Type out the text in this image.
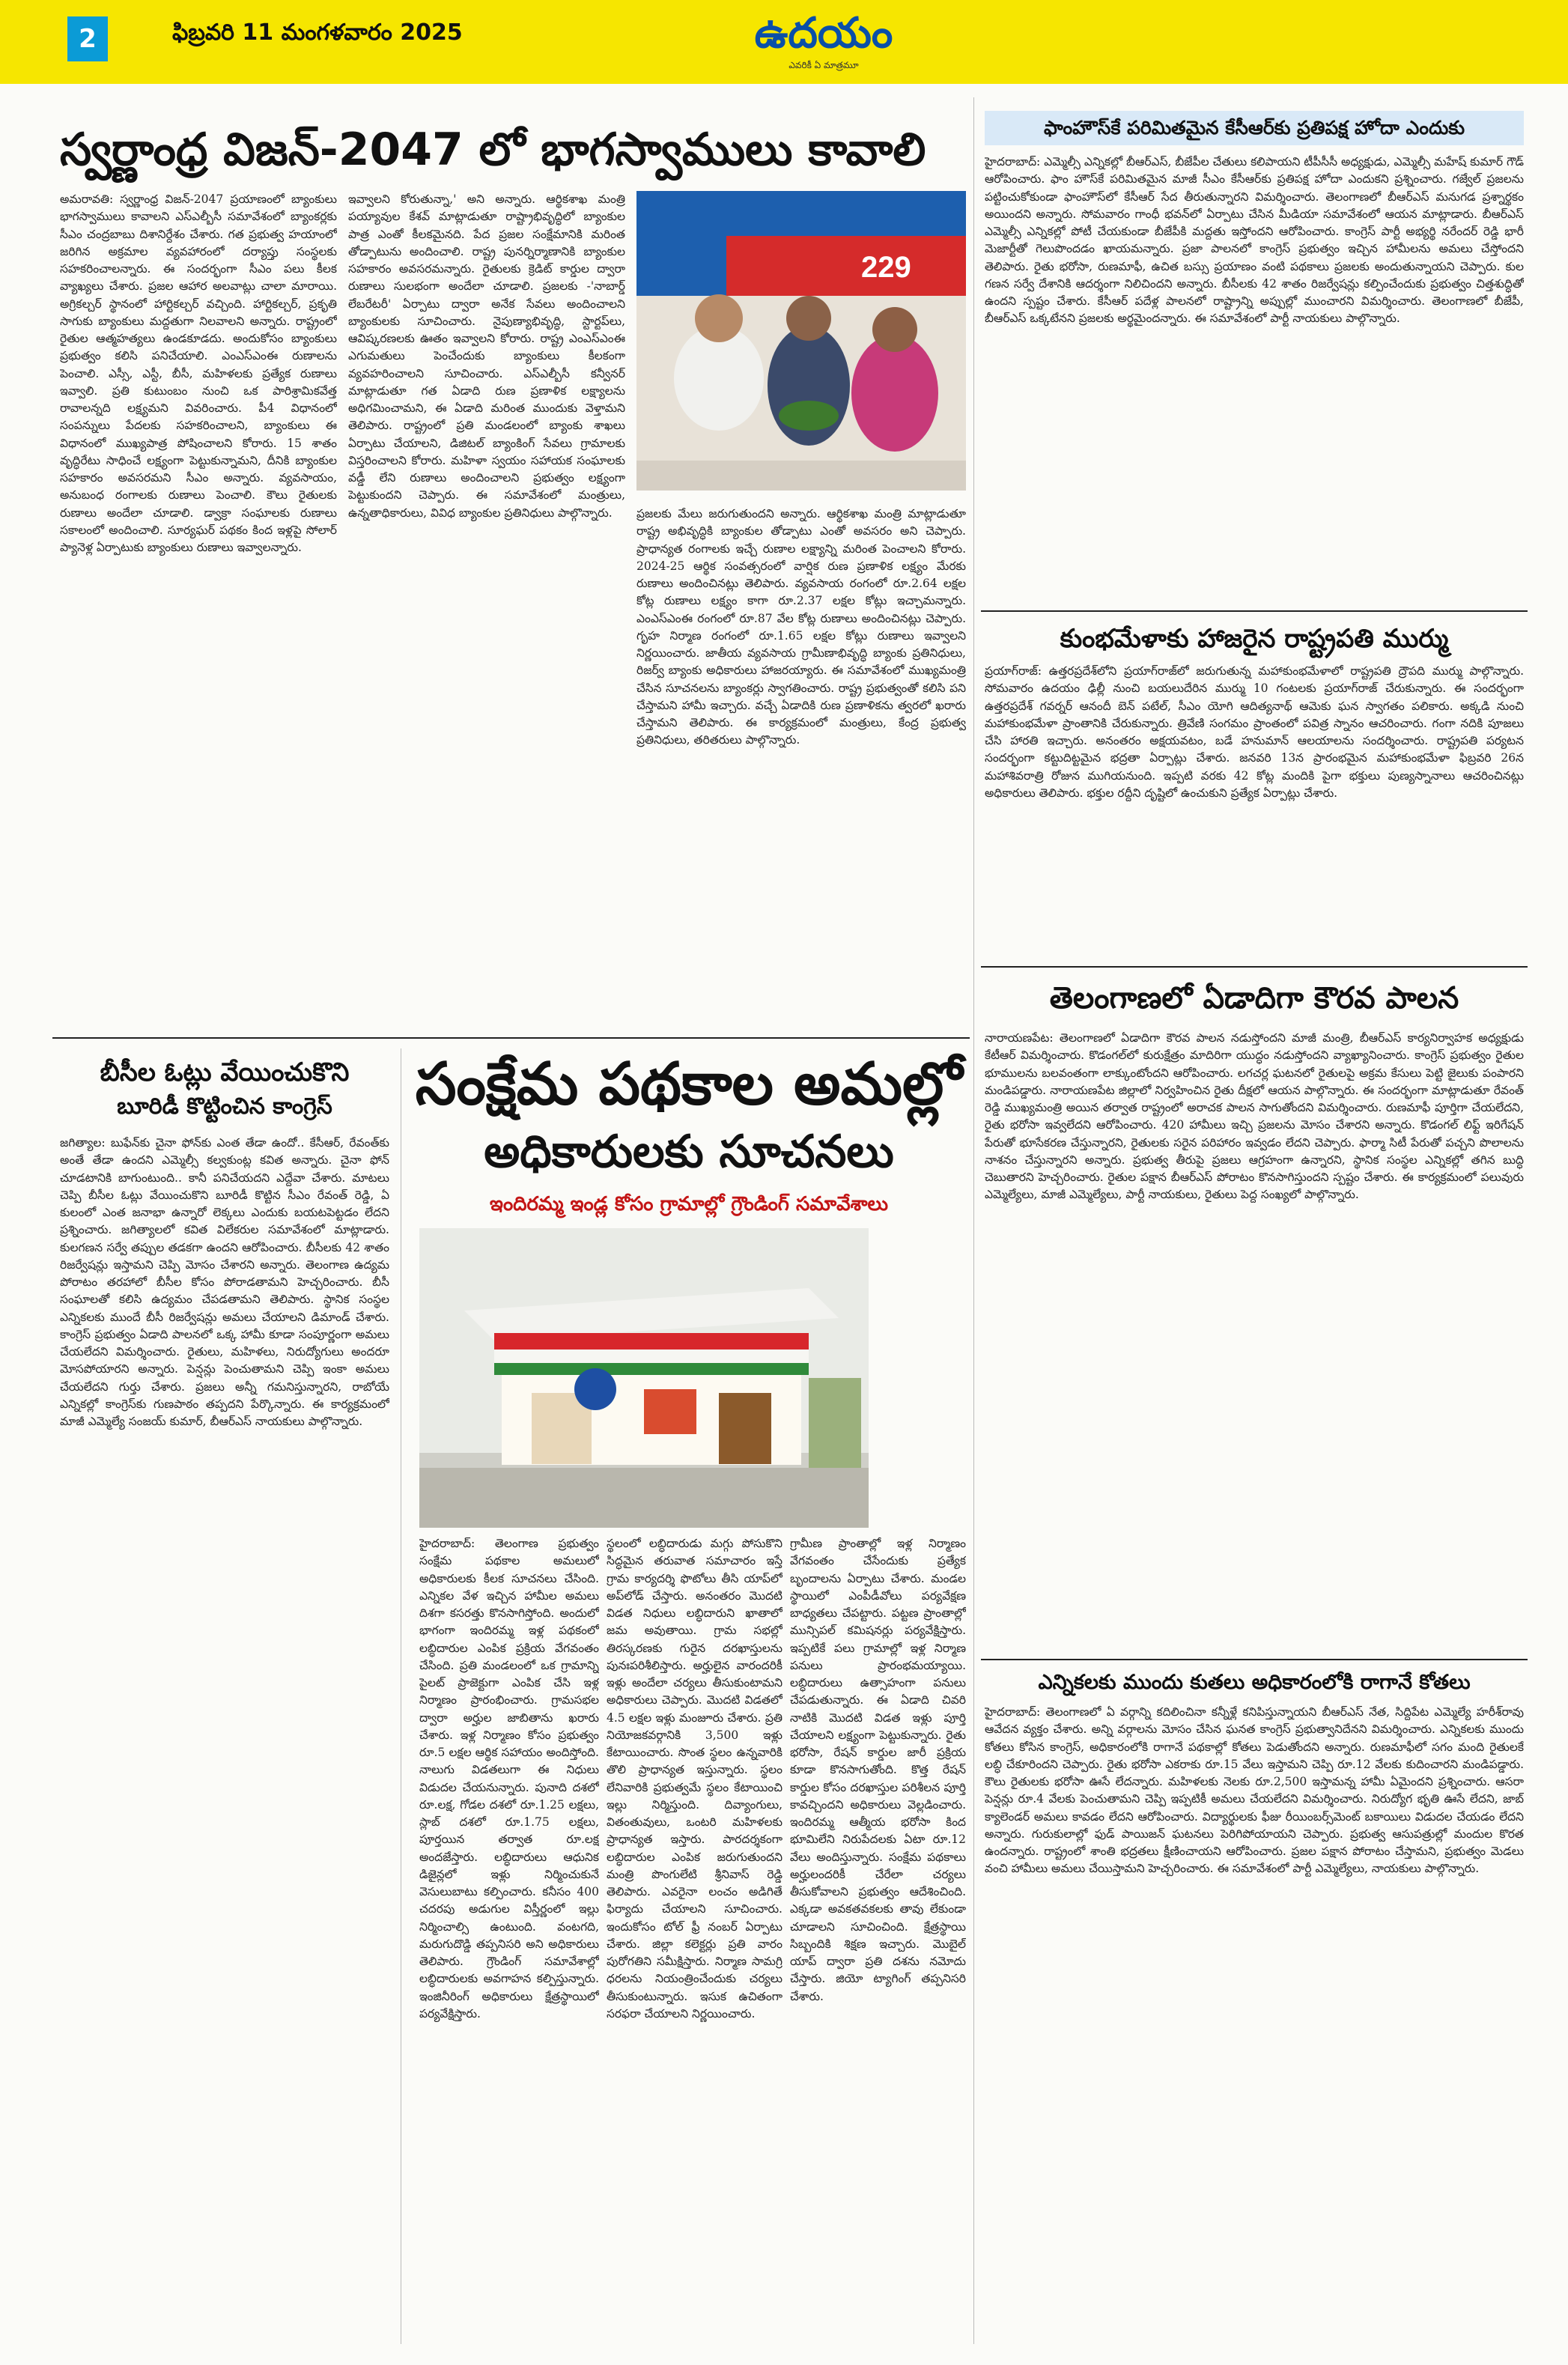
2	ఫిబ్రవరి 11 మంగళవారం 2025	ఉదయం
ఎవరికీ ఏ మాత్రమూ
స్వర్ణాంధ్ర విజన్-2047 లో భాగస్వాములు కావాలి
229
అమరావతి: స్వర్ణాంధ్ర విజన్-2047 ప్రయాణంలో బ్యాంకులు భాగస్వాములు కావాలని ఎస్ఎల్బీసీ సమావేశంలో బ్యాంకర్లకు సీఎం చంద్రబాబు దిశానిర్దేశం చేశారు. గత ప్రభుత్వ హయాంలో జరిగిన అక్రమాల వ్యవహారంలో దర్యాప్తు సంస్థలకు సహకరించాలన్నారు. ఈ సందర్భంగా సీఎం పలు కీలక వ్యాఖ్యలు చేశారు. ప్రజల ఆహార అలవాట్లు చాలా మారాయి. అగ్రికల్చర్ స్థానంలో హార్టికల్చర్ వచ్చింది. హార్టికల్చర్, ప్రకృతి సాగుకు బ్యాంకులు మద్దతుగా నిలవాలని అన్నారు. రాష్ట్రంలో రైతుల ఆత్మహత్యలు ఉండకూడదు. అందుకోసం బ్యాంకులు ప్రభుత్వం కలిసి పనిచేయాలి. ఎంఎస్ఎంఈ రుణాలను పెంచాలి. ఎస్సీ, ఎస్టీ, బీసీ, మహిళలకు ప్రత్యేక రుణాలు ఇవ్వాలి. ప్రతి కుటుంబం నుంచి ఒక పారిశ్రామికవేత్త రావాలన్నది లక్ష్యమని వివరించారు. పీ4 విధానంలో సంపన్నులు పేదలకు సహకరించాలని, బ్యాంకులు ఈ విధానంలో ముఖ్యపాత్ర పోషించాలని కోరారు. 15 శాతం వృద్ధిరేటు సాధించే లక్ష్యంగా పెట్టుకున్నామని, దీనికి బ్యాంకుల సహకారం అవసరమని సీఎం అన్నారు. వ్యవసాయం, అనుబంధ రంగాలకు రుణాలు పెంచాలి. కౌలు రైతులకు రుణాలు అందేలా చూడాలి. డ్వాక్రా సంఘాలకు రుణాలు సకాలంలో అందించాలి. సూర్యఘర్ పథకం కింద ఇళ్లపై సోలార్ ప్యానెళ్ల ఏర్పాటుకు బ్యాంకులు రుణాలు ఇవ్వాలన్నారు.
ఇవ్వాలని కోరుతున్నా,' అని అన్నారు. ఆర్థికశాఖ మంత్రి పయ్యావుల కేశవ్ మాట్లాడుతూ రాష్ట్రాభివృద్ధిలో బ్యాంకుల పాత్ర ఎంతో కీలకమైనది. పేద ప్రజల సంక్షేమానికి మరింత తోడ్పాటును అందించాలి. రాష్ట్ర పునర్నిర్మాణానికి బ్యాంకుల సహకారం అవసరమన్నారు. రైతులకు క్రెడిట్ కార్డుల ద్వారా రుణాలు సులభంగా అందేలా చూడాలి. ప్రజలకు -'నాబార్డ్ లేబరేటరీ' ఏర్పాటు ద్వారా అనేక సేవలు అందించాలని బ్యాంకులకు సూచించారు. నైపుణ్యాభివృద్ధి, స్టార్టప్‌లు, ఆవిష్కరణలకు ఊతం ఇవ్వాలని కోరారు. రాష్ట్ర ఎంఎస్ఎంఈ ఎగుమతులు పెంచేందుకు బ్యాంకులు కీలకంగా వ్యవహరించాలని సూచించారు. ఎస్ఎల్బీసీ కన్వీనర్ మాట్లాడుతూ గత ఏడాది రుణ ప్రణాళిక లక్ష్యాలను అధిగమించామని, ఈ ఏడాది మరింత ముందుకు వెళ్తామని తెలిపారు. రాష్ట్రంలో ప్రతి మండలంలో బ్యాంకు శాఖలు ఏర్పాటు చేయాలని, డిజిటల్ బ్యాంకింగ్ సేవలు గ్రామాలకు విస్తరించాలని కోరారు. మహిళా స్వయం సహాయక సంఘాలకు వడ్డీ లేని రుణాలు అందించాలని ప్రభుత్వం లక్ష్యంగా పెట్టుకుందని చెప్పారు. ఈ సమావేశంలో మంత్రులు, ఉన్నతాధికారులు, వివిధ బ్యాంకుల ప్రతినిధులు పాల్గొన్నారు.	ప్రజలకు మేలు జరుగుతుందని అన్నారు. ఆర్థికశాఖ మంత్రి మాట్లాడుతూ రాష్ట్ర అభివృద్ధికి బ్యాంకుల తోడ్పాటు ఎంతో అవసరం అని చెప్పారు. ప్రాధాన్యత రంగాలకు ఇచ్చే రుణాల లక్ష్యాన్ని మరింత పెంచాలని కోరారు. 2024-25 ఆర్థిక సంవత్సరంలో వార్షిక రుణ ప్రణాళిక లక్ష్యం మేరకు రుణాలు అందించినట్లు తెలిపారు. వ్యవసాయ రంగంలో రూ.2.64 లక్షల కోట్ల రుణాలు లక్ష్యం కాగా రూ.2.37 లక్షల కోట్లు ఇచ్చామన్నారు. ఎంఎస్ఎంఈ రంగంలో రూ.87 వేల కోట్ల రుణాలు అందించినట్లు చెప్పారు. గృహ నిర్మాణ రంగంలో రూ.1.65 లక్షల కోట్లు రుణాలు ఇవ్వాలని నిర్ణయించారు. జాతీయ వ్యవసాయ గ్రామీణాభివృద్ధి బ్యాంకు ప్రతినిధులు, రిజర్వ్ బ్యాంకు అధికారులు హాజరయ్యారు. ఈ సమావేశంలో ముఖ్యమంత్రి చేసిన సూచనలను బ్యాంకర్లు స్వాగతించారు. రాష్ట్ర ప్రభుత్వంతో కలిసి పని చేస్తామని హామీ ఇచ్చారు. వచ్చే ఏడాదికి రుణ ప్రణాళికను త్వరలో ఖరారు చేస్తామని తెలిపారు. ఈ కార్యక్రమంలో మంత్రులు, కేంద్ర ప్రభుత్వ ప్రతినిధులు, తరితరులు పాల్గొన్నారు.
బీసీల ఓట్లు వేయించుకొని
బూరిడీ కొట్టించిన కాంగ్రెస్
జగిత్యాల: బుఫేన్‌కు చైనా ఫోన్‌కు ఎంత తేడా ఉందో.. కేసీఆర్, రేవంత్‌కు అంతే తేడా ఉందని ఎమ్మెల్సీ కల్వకుంట్ల కవిత అన్నారు. చైనా ఫోన్ చూడటానికి బాగుంటుంది.. కానీ పనిచేయదని ఎద్దేవా చేశారు. మాటలు చెప్పి బీసీల ఓట్లు వేయించుకొని బూరిడీ కొట్టిన సీఎం రేవంత్ రెడ్డి, ఏ కులంలో ఎంత జనాభా ఉన్నారో లెక్కలు ఎందుకు బయటపెట్టడం లేదని ప్రశ్నించారు. జగిత్యాలలో కవిత విలేకరుల సమావేశంలో మాట్లాడారు. కులగణన సర్వే తప్పుల తడకగా ఉందని ఆరోపించారు. బీసీలకు 42 శాతం రిజర్వేషన్లు ఇస్తామని చెప్పి మోసం చేశారని అన్నారు. తెలంగాణ ఉద్యమ పోరాటం తరహాలో బీసీల కోసం పోరాడతామని హెచ్చరించారు. బీసీ సంఘాలతో కలిసి ఉద్యమం చేపడతామని తెలిపారు. స్థానిక సంస్థల ఎన్నికలకు ముందే బీసీ రిజర్వేషన్లు అమలు చేయాలని డిమాండ్ చేశారు. కాంగ్రెస్ ప్రభుత్వం ఏడాది పాలనలో ఒక్క హామీ కూడా సంపూర్ణంగా అమలు చేయలేదని విమర్శించారు. రైతులు, మహిళలు, నిరుద్యోగులు అందరూ మోసపోయారని అన్నారు. పెన్షన్లు పెంచుతామని చెప్పి ఇంకా అమలు చేయలేదని గుర్తు చేశారు. ప్రజలు అన్నీ గమనిస్తున్నారని, రాబోయే ఎన్నికల్లో కాంగ్రెస్‌కు గుణపాఠం తప్పదని పేర్కొన్నారు. ఈ కార్యక్రమంలో మాజీ ఎమ్మెల్యే సంజయ్ కుమార్, బీఆర్ఎస్ నాయకులు పాల్గొన్నారు.
సంక్షేమ పథకాల అమల్లో
అధికారులకు సూచనలు
ఇందిరమ్మ ఇండ్ల కోసం గ్రామాల్లో గ్రౌండింగ్ సమావేశాలు
హైదరాబాద్: తెలంగాణ ప్రభుత్వం సంక్షేమ పథకాల అమలులో అధికారులకు కీలక సూచనలు చేసింది. ఎన్నికల వేళ ఇచ్చిన హామీల అమలు దిశగా కసరత్తు కొనసాగిస్తోంది. అందులో భాగంగా ఇందిరమ్మ ఇళ్ల పథకంలో లబ్ధిదారుల ఎంపిక ప్రక్రియ వేగవంతం చేసింది. ప్రతి మండలంలో ఒక గ్రామాన్ని పైలట్ ప్రాజెక్టుగా ఎంపిక చేసి ఇళ్ల నిర్మాణం ప్రారంభించారు. గ్రామసభల ద్వారా అర్హుల జాబితాను ఖరారు చేశారు. ఇళ్ల నిర్మాణం కోసం ప్రభుత్వం రూ.5 లక్షల ఆర్థిక సహాయం అందిస్తోంది. నాలుగు విడతలుగా ఈ నిధులు విడుదల చేయనున్నారు. పునాది దశలో రూ.లక్ష, గోడల దశలో రూ.1.25 లక్షలు, స్లాబ్ దశలో రూ.1.75 లక్షలు, పూర్తయిన తర్వాత రూ.లక్ష అందజేస్తారు. లబ్ధిదారులు ఆధునిక డిజైన్లలో ఇళ్లు నిర్మించుకునే వెసులుబాటు కల్పించారు. కనీసం 400 చదరపు అడుగుల విస్తీర్ణంలో ఇల్లు నిర్మించాల్సి ఉంటుంది. వంటగది, మరుగుదొడ్డి తప్పనిసరి అని అధికారులు తెలిపారు. గ్రౌండింగ్ సమావేశాల్లో లబ్ధిదారులకు అవగాహన కల్పిస్తున్నారు. ఇంజినీరింగ్ అధికారులు క్షేత్రస్థాయిలో పర్యవేక్షిస్తారు.
స్థలంలో లబ్ధిదారుడు మగ్గు పోసుకొని సిద్ధమైన తరువాత సమాచారం ఇస్తే గ్రామ కార్యదర్శి ఫొటోలు తీసి యాప్‌లో అప్‌లోడ్ చేస్తారు. అనంతరం మొదటి విడత నిధులు లబ్ధిదారుని ఖాతాలో జమ అవుతాయి. గ్రామ సభల్లో తిరస్కరణకు గురైన దరఖాస్తులను పునఃపరిశీలిస్తారు. అర్హులైన వారందరికీ ఇళ్లు అందేలా చర్యలు తీసుకుంటామని అధికారులు చెప్పారు. మొదటి విడతలో 4.5 లక్షల ఇళ్లు మంజూరు చేశారు. ప్రతి నియోజకవర్గానికి 3,500 ఇళ్లు కేటాయించారు. సొంత స్థలం ఉన్నవారికి తొలి ప్రాధాన్యత ఇస్తున్నారు. స్థలం లేనివారికి ప్రభుత్వమే స్థలం కేటాయించి ఇల్లు నిర్మిస్తుంది. దివ్యాంగులు, వితంతువులు, ఒంటరి మహిళలకు ప్రాధాన్యత ఇస్తారు. పారదర్శకంగా లబ్ధిదారుల ఎంపిక జరుగుతుందని మంత్రి పొంగులేటి శ్రీనివాస్ రెడ్డి తెలిపారు. ఎవరైనా లంచం అడిగితే ఫిర్యాదు చేయాలని సూచించారు. ఇందుకోసం టోల్ ఫ్రీ నంబర్ ఏర్పాటు చేశారు. జిల్లా కలెక్టర్లు ప్రతి వారం పురోగతిని సమీక్షిస్తారు. నిర్మాణ సామగ్రి ధరలను నియంత్రించేందుకు చర్యలు తీసుకుంటున్నారు. ఇసుక ఉచితంగా సరఫరా చేయాలని నిర్ణయించారు.
గ్రామీణ ప్రాంతాల్లో ఇళ్ల నిర్మాణం వేగవంతం చేసేందుకు ప్రత్యేక బృందాలను ఏర్పాటు చేశారు. మండల స్థాయిలో ఎంపీడీవోలు పర్యవేక్షణ బాధ్యతలు చేపట్టారు. పట్టణ ప్రాంతాల్లో మున్సిపల్ కమిషనర్లు పర్యవేక్షిస్తారు. ఇప్పటికే పలు గ్రామాల్లో ఇళ్ల నిర్మాణ పనులు ప్రారంభమయ్యాయి. లబ్ధిదారులు ఉత్సాహంగా పనులు చేపడుతున్నారు. ఈ ఏడాది చివరి నాటికి మొదటి విడత ఇళ్లు పూర్తి చేయాలని లక్ష్యంగా పెట్టుకున్నారు. రైతు భరోసా, రేషన్ కార్డుల జారీ ప్రక్రియ కూడా కొనసాగుతోంది. కొత్త రేషన్ కార్డుల కోసం దరఖాస్తుల పరిశీలన పూర్తి కావచ్చిందని అధికారులు వెల్లడించారు. ఇందిరమ్మ ఆత్మీయ భరోసా కింద భూమిలేని నిరుపేదలకు ఏటా రూ.12 వేలు అందిస్తున్నారు. సంక్షేమ పథకాలు అర్హులందరికీ చేరేలా చర్యలు తీసుకోవాలని ప్రభుత్వం ఆదేశించింది. ఎక్కడా అవకతవకలకు తావు లేకుండా చూడాలని సూచించింది. క్షేత్రస్థాయి సిబ్బందికి శిక్షణ ఇచ్చారు. మొబైల్ యాప్ ద్వారా ప్రతి దశను నమోదు చేస్తారు. జియో ట్యాగింగ్ తప్పనిసరి చేశారు.
ఫాంహౌస్‌కే పరిమితమైన కేసీఆర్‌కు ప్రతిపక్ష హోదా ఎందుకు
హైదరాబాద్: ఎమ్మెల్సీ ఎన్నికల్లో బీఆర్ఎస్, బీజేపీల చేతులు కలిపాయని టీపీసీసీ అధ్యక్షుడు, ఎమ్మెల్సీ మహేష్ కుమార్ గౌడ్ ఆరోపించారు. ఫాం హౌస్‌కే పరిమితమైన మాజీ సీఎం కేసీఆర్‌కు ప్రతిపక్ష హోదా ఎందుకని ప్రశ్నించారు. గజ్వేల్ ప్రజలను పట్టించుకోకుండా ఫాంహౌస్‌లో కేసీఆర్ సేద తీరుతున్నారని విమర్శించారు. తెలంగాణలో బీఆర్ఎస్ మనుగడ ప్రశ్నార్థకం అయిందని అన్నారు. సోమవారం గాంధీ భవన్‌లో ఏర్పాటు చేసిన మీడియా సమావేశంలో ఆయన మాట్లాడారు. బీఆర్ఎస్ ఎమ్మెల్సీ ఎన్నికల్లో పోటీ చేయకుండా బీజేపీకి మద్దతు ఇస్తోందని ఆరోపించారు. కాంగ్రెస్ పార్టీ అభ్యర్థి నరేందర్ రెడ్డి భారీ మెజార్టీతో గెలుపొందడం ఖాయమన్నారు. ప్రజా పాలనలో కాంగ్రెస్ ప్రభుత్వం ఇచ్చిన హామీలను అమలు చేస్తోందని తెలిపారు. రైతు భరోసా, రుణమాఫీ, ఉచిత బస్సు ప్రయాణం వంటి పథకాలు ప్రజలకు అందుతున్నాయని చెప్పారు. కుల గణన సర్వే దేశానికి ఆదర్శంగా నిలిచిందని అన్నారు. బీసీలకు 42 శాతం రిజర్వేషన్లు కల్పించేందుకు ప్రభుత్వం చిత్తశుద్ధితో ఉందని స్పష్టం చేశారు. కేసీఆర్ పదేళ్ల పాలనలో రాష్ట్రాన్ని అప్పుల్లో ముంచారని విమర్శించారు. తెలంగాణలో బీజేపీ, బీఆర్ఎస్ ఒక్కటేనని ప్రజలకు అర్థమైందన్నారు. ఈ సమావేశంలో పార్టీ నాయకులు పాల్గొన్నారు.
కుంభమేళాకు హాజరైన రాష్ట్రపతి ముర్ము
ప్రయాగ్‌రాజ్: ఉత్తరప్రదేశ్‌లోని ప్రయాగ్‌రాజ్‌లో జరుగుతున్న మహాకుంభమేళాలో రాష్ట్రపతి ద్రౌపది ముర్ము పాల్గొన్నారు. సోమవారం ఉదయం ఢిల్లీ నుంచి బయలుదేరిన ముర్ము 10 గంటలకు ప్రయాగ్‌రాజ్ చేరుకున్నారు. ఈ సందర్భంగా ఉత్తరప్రదేశ్ గవర్నర్ ఆనందీ బెన్ పటేల్, సీఎం యోగి ఆదిత్యనాథ్ ఆమెకు ఘన స్వాగతం పలికారు. అక్కడి నుంచి మహాకుంభమేళా ప్రాంతానికి చేరుకున్నారు. త్రివేణి సంగమం ప్రాంతంలో పవిత్ర స్నానం ఆచరించారు. గంగా నదికి పూజలు చేసి హారతి ఇచ్చారు. అనంతరం అక్షయవటం, బడే హనుమాన్ ఆలయాలను సందర్శించారు. రాష్ట్రపతి పర్యటన సందర్భంగా కట్టుదిట్టమైన భద్రతా ఏర్పాట్లు చేశారు. జనవరి 13న ప్రారంభమైన మహాకుంభమేళా ఫిబ్రవరి 26న మహాశివరాత్రి రోజున ముగియనుంది. ఇప్పటి వరకు 42 కోట్ల మందికి పైగా భక్తులు పుణ్యస్నానాలు ఆచరించినట్లు అధికారులు తెలిపారు. భక్తుల రద్దీని దృష్టిలో ఉంచుకుని ప్రత్యేక ఏర్పాట్లు చేశారు.
తెలంగాణలో ఏడాదిగా కౌరవ పాలన
నారాయణపేట: తెలంగాణలో ఏడాదిగా కౌరవ పాలన నడుస్తోందని మాజీ మంత్రి, బీఆర్ఎస్ కార్యనిర్వాహక అధ్యక్షుడు కేటీఆర్ విమర్శించారు. కొడంగల్‌లో కురుక్షేత్రం మాదిరిగా యుద్ధం నడుస్తోందని వ్యాఖ్యానించారు. కాంగ్రెస్ ప్రభుత్వం రైతుల భూములను బలవంతంగా లాక్కుంటోందని ఆరోపించారు. లగచర్ల ఘటనలో రైతులపై అక్రమ కేసులు పెట్టి జైలుకు పంపారని మండిపడ్డారు. నారాయణపేట జిల్లాలో నిర్వహించిన రైతు దీక్షలో ఆయన పాల్గొన్నారు. ఈ సందర్భంగా మాట్లాడుతూ రేవంత్ రెడ్డి ముఖ్యమంత్రి అయిన తర్వాత రాష్ట్రంలో అరాచక పాలన సాగుతోందని విమర్శించారు. రుణమాఫీ పూర్తిగా చేయలేదని, రైతు భరోసా ఇవ్వలేదని ఆరోపించారు. 420 హామీలు ఇచ్చి ప్రజలను మోసం చేశారని అన్నారు. కొడంగల్ లిఫ్ట్ ఇరిగేషన్ పేరుతో భూసేకరణ చేస్తున్నారని, రైతులకు సరైన పరిహారం ఇవ్వడం లేదని చెప్పారు. ఫార్మా సిటీ పేరుతో పచ్చని పొలాలను నాశనం చేస్తున్నారని అన్నారు. ప్రభుత్వ తీరుపై ప్రజలు ఆగ్రహంగా ఉన్నారని, స్థానిక సంస్థల ఎన్నికల్లో తగిన బుద్ధి చెబుతారని హెచ్చరించారు. రైతుల పక్షాన బీఆర్ఎస్ పోరాటం కొనసాగిస్తుందని స్పష్టం చేశారు. ఈ కార్యక్రమంలో పలువురు ఎమ్మెల్యేలు, మాజీ ఎమ్మెల్యేలు, పార్టీ నాయకులు, రైతులు పెద్ద సంఖ్యలో పాల్గొన్నారు.
ఎన్నికలకు ముందు కుతలు అధికారంలోకి రాగానే కోతలు
హైదరాబాద్: తెలంగాణలో ఏ వర్గాన్ని కదిలించినా కన్నీళ్లే కనిపిస్తున్నాయని బీఆర్ఎస్ నేత, సిద్దిపేట ఎమ్మెల్యే హరీశ్‌రావు ఆవేదన వ్యక్తం చేశారు. అన్ని వర్గాలను మోసం చేసిన ఘనత కాంగ్రెస్ ప్రభుత్వానిదేనని విమర్శించారు. ఎన్నికలకు ముందు కోతలు కోసిన కాంగ్రెస్, అధికారంలోకి రాగానే పథకాల్లో కోతలు పెడుతోందని అన్నారు. రుణమాఫీలో సగం మంది రైతులకే లబ్ధి చేకూరిందని చెప్పారు. రైతు భరోసా ఎకరాకు రూ.15 వేలు ఇస్తామని చెప్పి రూ.12 వేలకు కుదించారని మండిపడ్డారు. కౌలు రైతులకు భరోసా ఊసే లేదన్నారు. మహిళలకు నెలకు రూ.2,500 ఇస్తామన్న హామీ ఏమైందని ప్రశ్నించారు. ఆసరా పెన్షన్లు రూ.4 వేలకు పెంచుతామని చెప్పి ఇప్పటికీ అమలు చేయలేదని విమర్శించారు. నిరుద్యోగ భృతి ఊసే లేదని, జాబ్ క్యాలెండర్ అమలు కావడం లేదని ఆరోపించారు. విద్యార్థులకు ఫీజు రీయింబర్స్‌మెంట్ బకాయిలు విడుదల చేయడం లేదని అన్నారు. గురుకులాల్లో ఫుడ్ పాయిజన్ ఘటనలు పెరిగిపోయాయని చెప్పారు. ప్రభుత్వ ఆసుపత్రుల్లో మందుల కొరత ఉందన్నారు. రాష్ట్రంలో శాంతి భద్రతలు క్షీణించాయని ఆరోపించారు. ప్రజల పక్షాన పోరాటం చేస్తామని, ప్రభుత్వం మెడలు వంచి హామీలు అమలు చేయిస్తామని హెచ్చరించారు. ఈ సమావేశంలో పార్టీ ఎమ్మెల్యేలు, నాయకులు పాల్గొన్నారు.
